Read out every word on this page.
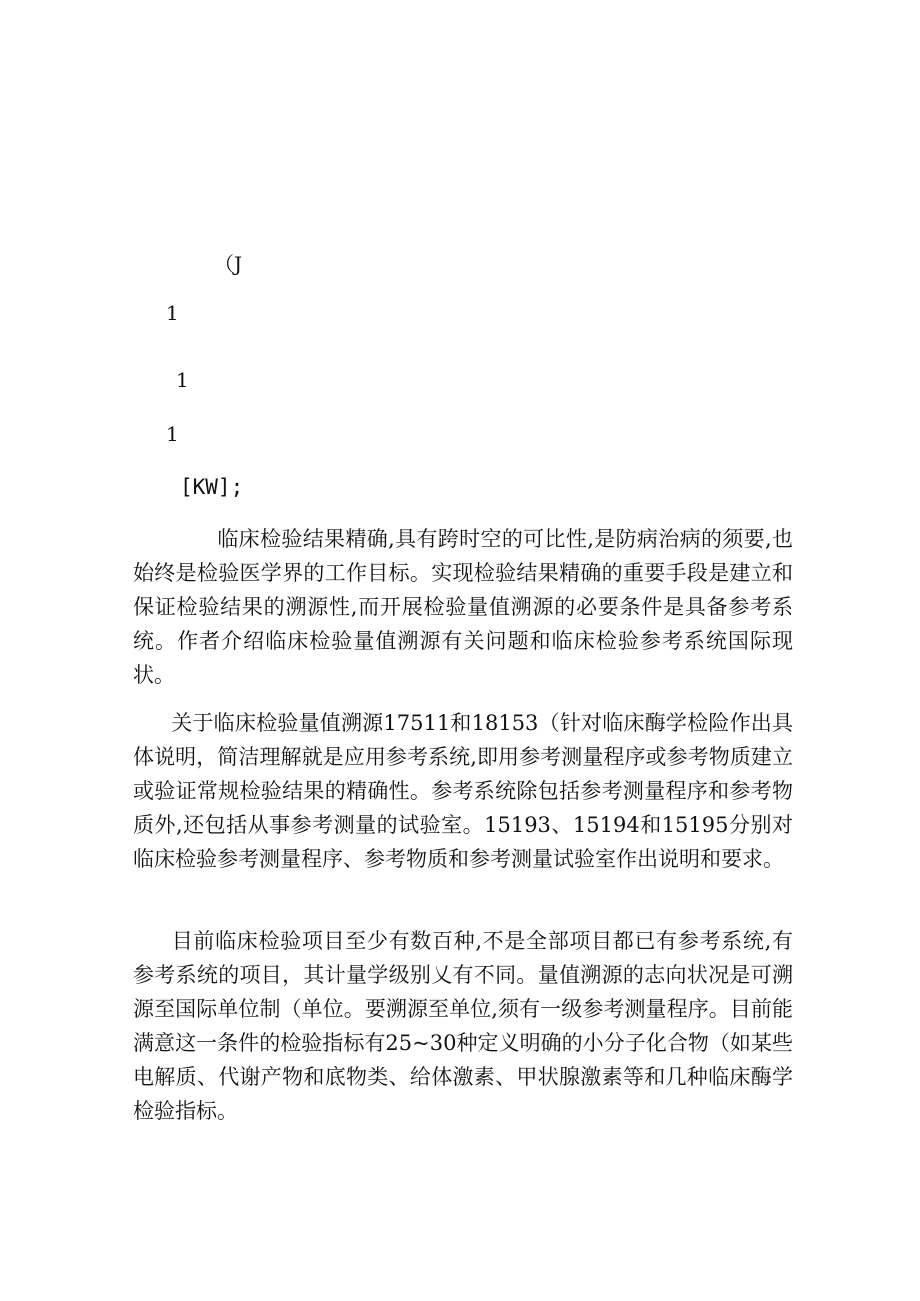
（J

1

1

1

[KW];

临床检验结果精确,具有跨时空的可比性,是防病治病的须要,也始终是检验医学界的工作目标。实现检验结果精确的重要手段是建立和保证检验结果的溯源性,而开展检验量值溯源的必要条件是具备参考系统。作者介绍临床检验量值溯源有关问题和临床检验参考系统国际现状。

关于临床检验量值溯源17511和18153（针对临床酶学检险作出具体说明，简洁理解就是应用参考系统,即用参考测量程序或参考物质建立或验证常规检验结果的精确性。参考系统除包括参考测量程序和参考物质外,还包括从事参考测量的试验室。15193、15194和15195分别对临床检验参考测量程序、参考物质和参考测量试验室作出说明和要求。

目前临床检验项目至少有数百种,不是全部项目都已有参考系统,有参考系统的项目，其计量学级别乂有不同。量值溯源的志向状况是可溯源至国际单位制（单位。要溯源至单位,须有一级参考测量程序。目前能满意这一条件的检验指标有25~30种定义明确的小分子化合物（如某些电解质、代谢产物和底物类、给体激素、甲状腺激素等和几种临床酶学检验指标。
